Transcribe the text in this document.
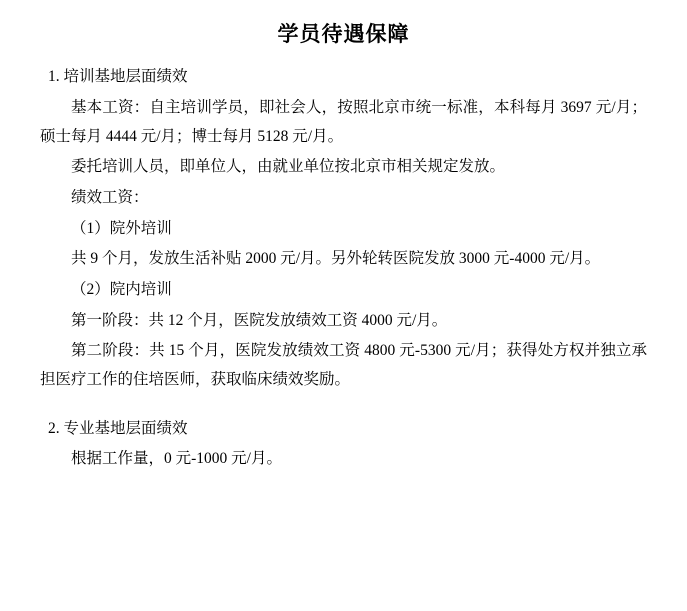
学员待遇保障
1. 培训基地层面绩效
基本工资：自主培训学员，即社会人，按照北京市统一标准，本科每月 3697 元/月；硕士每月 4444 元/月；博士每月 5128 元/月。
委托培训人员，即单位人，由就业单位按北京市相关规定发放。
绩效工资：
（1）院外培训
共 9 个月，发放生活补贴 2000 元/月。另外轮转医院发放 3000 元-4000 元/月。
（2）院内培训
第一阶段：共 12 个月，医院发放绩效工资 4000 元/月。
第二阶段：共 15 个月，医院发放绩效工资 4800 元-5300 元/月；获得处方权并独立承担医疗工作的住培医师，获取临床绩效奖励。
2. 专业基地层面绩效
根据工作量，0 元-1000 元/月。
